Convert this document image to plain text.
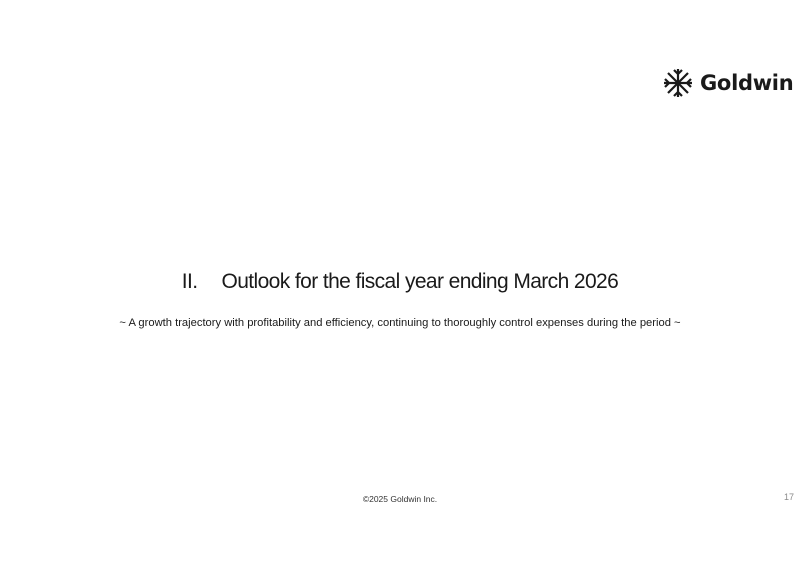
Goldwin
II. Outlook for the fiscal year ending March 2026
~ A growth trajectory with profitability and efficiency, continuing to thoroughly control expenses during the period ~
©2025 Goldwin Inc.	17
